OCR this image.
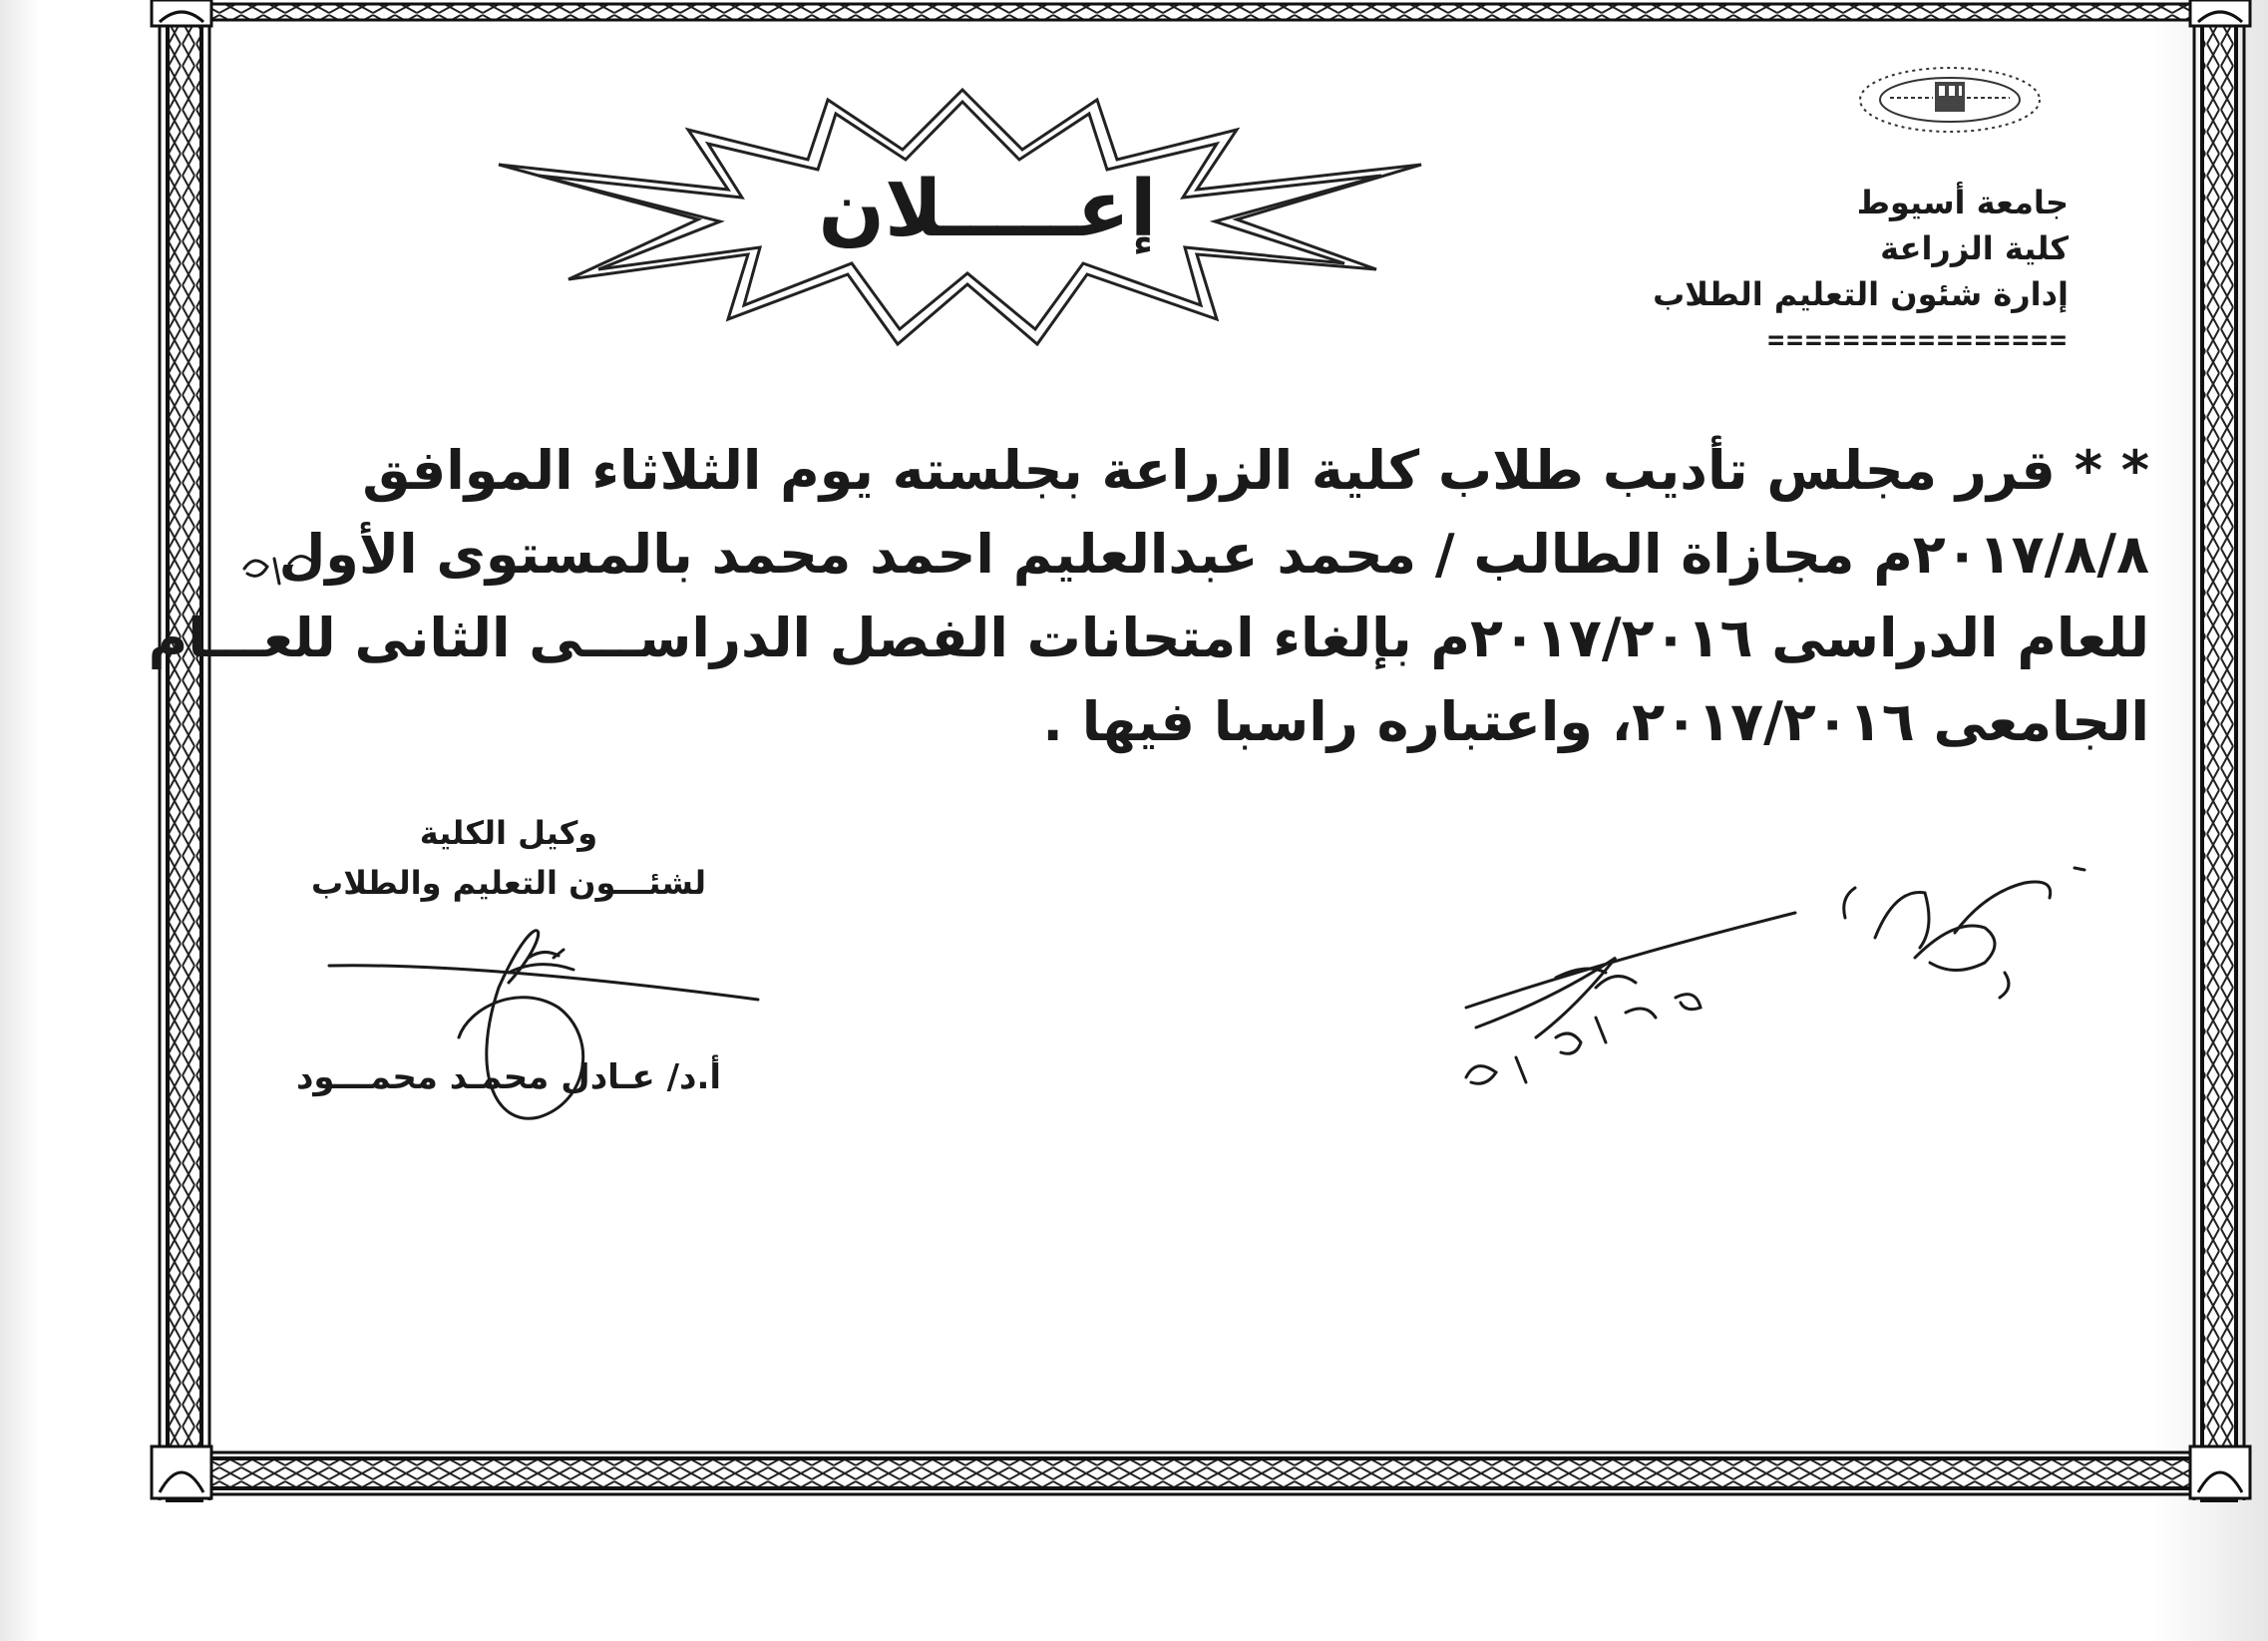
جامعة أسيوط
كلية الزراعة
إدارة شئون التعليم الطلاب
================
إعـــــلان
* * قرر مجلس تأديب طلاب كلية الزراعة بجلسته يوم الثلاثاء الموافق
٢٠١٧/٨/٨م مجازاة الطالب / محمد عبدالعليم احمد محمد بالمستوى الأول
للعام الدراسى ٢٠١٧/٢٠١٦م بإلغاء امتحانات الفصل الدراســـى الثانى للعـــام
الجامعى ٢٠١٧/٢٠١٦، واعتباره راسبا فيها .
وكيل الكلية
لشئـــون التعليم والطلاب
أ.د/ عـادل محمـد محمـــود
